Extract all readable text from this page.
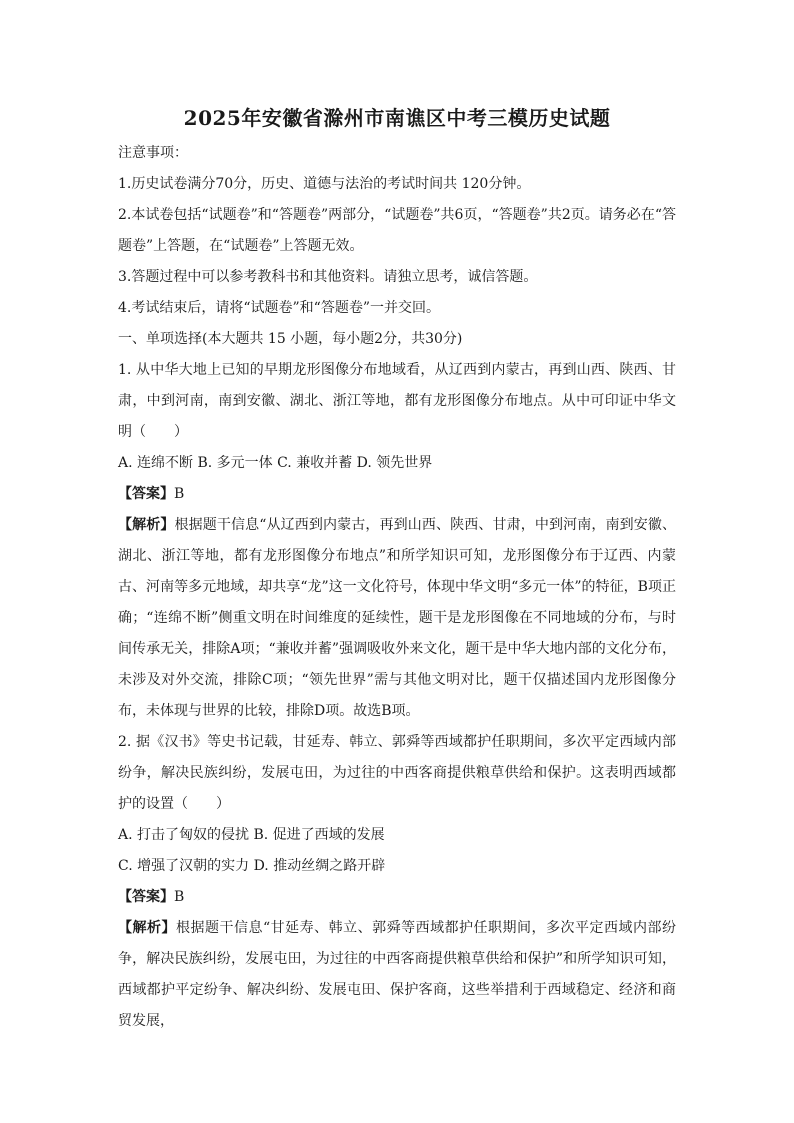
2025年安徽省滁州市南谯区中考三模历史试题

注意事项：

1.历史试卷满分70分，历史、道德与法治的考试时间共 120分钟。

2.本试卷包括“试题卷”和“答题卷”两部分，“试题卷”共6页，“答题卷”共2页。请务必在“答题卷”上答题，在“试题卷”上答题无效。

3.答题过程中可以参考教科书和其他资料。请独立思考，诚信答题。

4.考试结束后，请将“试题卷”和“答题卷”一并交回。

一、单项选择(本大题共 15 小题，每小题2分，共30分)

1. 从中华大地上已知的早期龙形图像分布地域看，从辽西到内蒙古，再到山西、陕西、甘肃，中到河南，南到安徽、湖北、浙江等地，都有龙形图像分布地点。从中可印证中华文明（　　）

A. 连绵不断 B. 多元一体 C. 兼收并蓄 D. 领先世界

【答案】B

【解析】根据题干信息“从辽西到内蒙古，再到山西、陕西、甘肃，中到河南，南到安徽、湖北、浙江等地，都有龙形图像分布地点”和所学知识可知，龙形图像分布于辽西、内蒙古、河南等多元地域，却共享“龙”这一文化符号，体现中华文明“多元一体”的特征，B项正确；“连绵不断”侧重文明在时间维度的延续性，题干是龙形图像在不同地域的分布，与时间传承无关，排除A项；“兼收并蓄”强调吸收外来文化，题干是中华大地内部的文化分布，未涉及对外交流，排除C项；“领先世界”需与其他文明对比，题干仅描述国内龙形图像分布，未体现与世界的比较，排除D项。故选B项。

2. 据《汉书》等史书记载，甘延寿、韩立、郭舜等西域都护任职期间，多次平定西域内部纷争，解决民族纠纷，发展屯田，为过往的中西客商提供粮草供给和保护。这表明西域都护的设置（　　）

A. 打击了匈奴的侵扰 B. 促进了西域的发展

C. 增强了汉朝的实力 D. 推动丝绸之路开辟

【答案】B

【解析】根据题干信息“甘延寿、韩立、郭舜等西域都护任职期间，多次平定西域内部纷争，解决民族纠纷，发展屯田，为过往的中西客商提供粮草供给和保护”和所学知识可知，西域都护平定纷争、解决纠纷、发展屯田、保护客商，这些举措利于西域稳定、经济和商贸发展，
